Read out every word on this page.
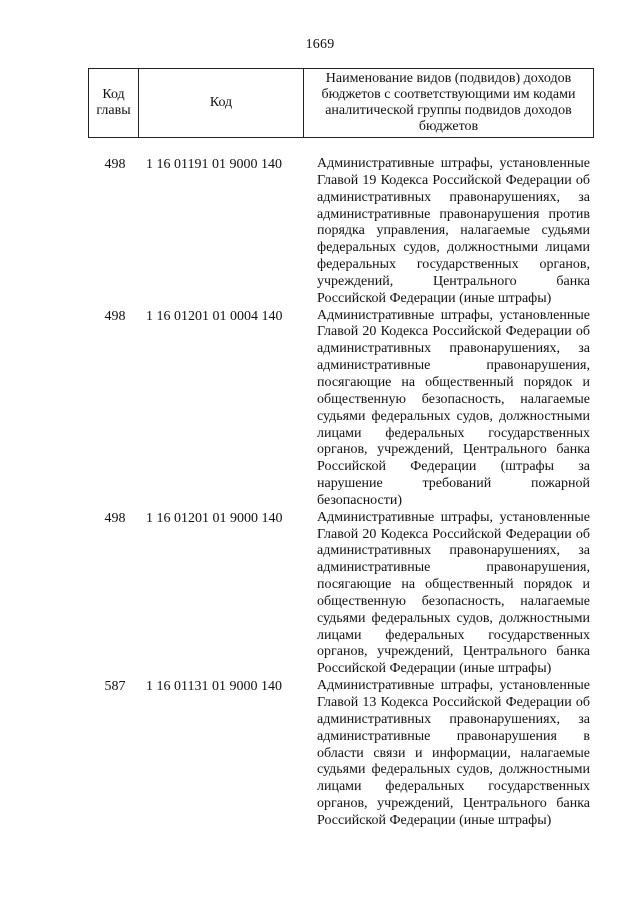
1669
Код главы	Код	Наименование видов (подвидов) доходов бюджетов с соответствующими им кодами аналитической группы подвидов доходов бюджетов
498	1 16 01191 01 9000 140	Административные штрафы, установленные Главой 19 Кодекса Российской Федерации об административных правонарушениях, за административные правонарушения против порядка управления, налагаемые судьями федеральных судов, должностными лицами федеральных государственных органов, учреждений, Центрального банка Российской Федерации (иные штрафы)
498	1 16 01201 01 0004 140	Административные штрафы, установленные Главой 20 Кодекса Российской Федерации об административных правонарушениях, за административные правонарушения, посягающие на общественный порядок и общественную безопасность, налагаемые судьями федеральных судов, должностными лицами федеральных государственных органов, учреждений, Центрального банка Российской Федерации (штрафы за нарушение требований пожарной безопасности)
498	1 16 01201 01 9000 140	Административные штрафы, установленные Главой 20 Кодекса Российской Федерации об административных правонарушениях, за административные правонарушения, посягающие на общественный порядок и общественную безопасность, налагаемые судьями федеральных судов, должностными лицами федеральных государственных органов, учреждений, Центрального банка Российской Федерации (иные штрафы)
587	1 16 01131 01 9000 140	Административные штрафы, установленные Главой 13 Кодекса Российской Федерации об административных правонарушениях, за административные правонарушения в области связи и информации, налагаемые судьями федеральных судов, должностными лицами федеральных государственных органов, учреждений, Центрального банка Российской Федерации (иные штрафы)
